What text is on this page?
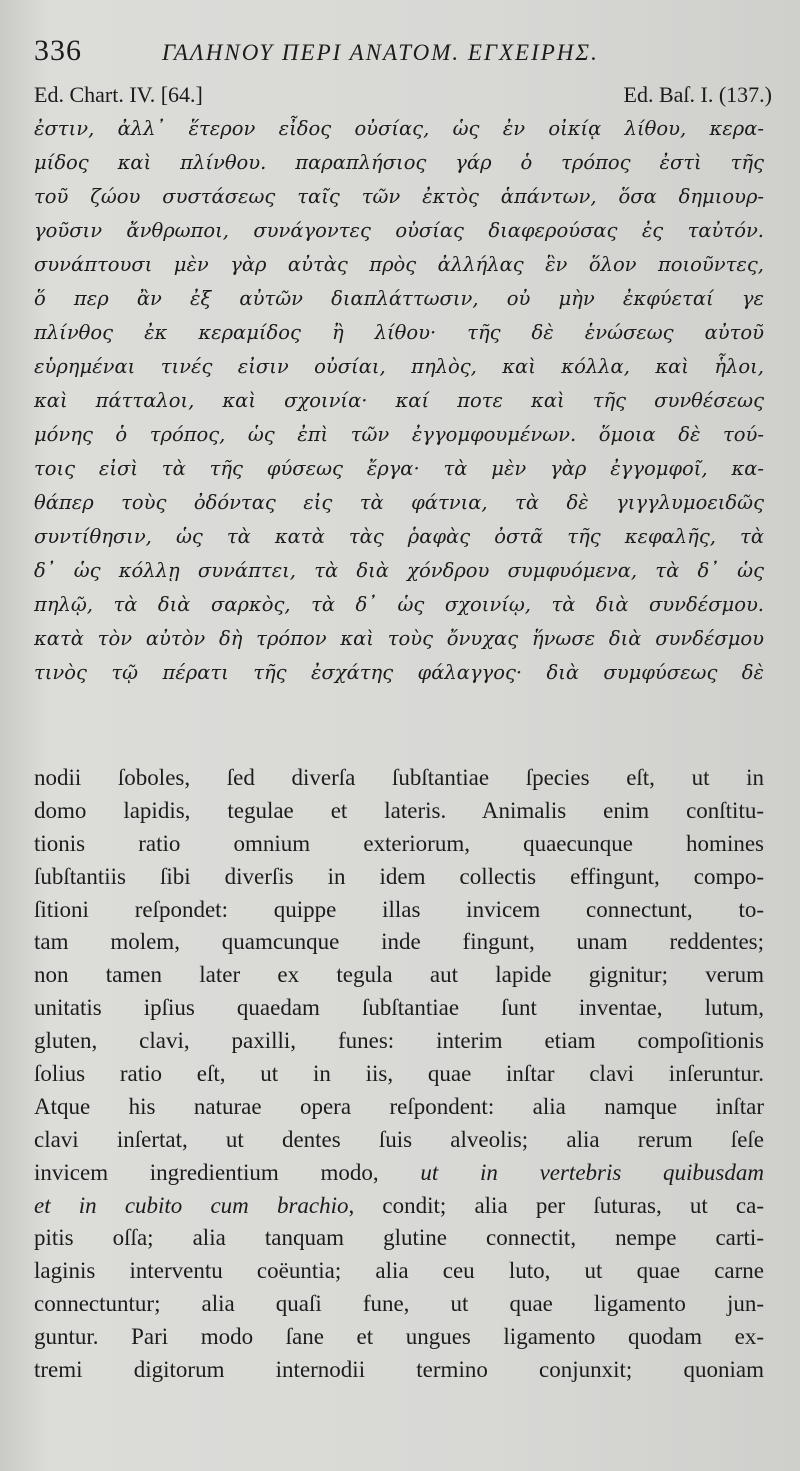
336	ΓΑΛΗΝΟΥ ΠΕΡΙ ΑΝΑΤΟΜ. ΕΓΧΕΙΡΗΣ.
Ed. Chart. IV. [64.]	Ed. Baſ. I. (137.)
ἐστιν, ἀλλ᾽ ἕτερον εἶδος οὐσίας, ὡς ἐν οἰκίᾳ λίθου, κερα-
μίδος καὶ πλίνθου. παραπλήσιος γάρ ὁ τρόπος ἐστὶ τῆς
τοῦ ζώου συστάσεως ταῖς τῶν ἐκτὸς ἁπάντων, ὅσα δημιουρ-
γοῦσιν ἄνθρωποι, συνάγοντες οὐσίας διαφερούσας ἐς ταὐτόν.
συνάπτουσι μὲν γὰρ αὐτὰς πρὸς ἀλλήλας ἓν ὅλον ποιοῦντες,
ὅ περ ἂν ἐξ αὐτῶν διαπλάττωσιν, οὐ μὴν ἐκφύεταί γε
πλίνθος ἐκ κεραμίδος ἢ λίθου· τῆς δὲ ἑνώσεως αὐτοῦ
εὑρημέναι τινές εἰσιν οὐσίαι, πηλὸς, καὶ κόλλα, καὶ ἧλοι,
καὶ πάτταλοι, καὶ σχοινία· καί ποτε καὶ τῆς συνθέσεως
μόνης ὁ τρόπος, ὡς ἐπὶ τῶν ἐγγομφουμένων. ὅμοια δὲ τού-
τοις εἰσὶ τὰ τῆς φύσεως ἔργα· τὰ μὲν γὰρ ἐγγομφοῖ, κα-
θάπερ τοὺς ὀδόντας εἰς τὰ φάτνια, τὰ δὲ γιγγλυμοειδῶς
συντίθησιν, ὡς τὰ κατὰ τὰς ῥαφὰς ὀστᾶ τῆς κεφαλῆς, τὰ
δ᾽ ὡς κόλλῃ συνάπτει, τὰ διὰ χόνδρου συμφυόμενα, τὰ δ᾽ ὡς
πηλῷ, τὰ διὰ σαρκὸς, τὰ δ᾽ ὡς σχοινίῳ, τὰ διὰ συνδέσμου.
κατὰ τὸν αὐτὸν δὴ τρόπον καὶ τοὺς ὄνυχας ἥνωσε διὰ συνδέσμου
τινὸς τῷ πέρατι τῆς ἐσχάτης φάλαγγος· διὰ συμφύσεως δὲ
nodii ſoboles, ſed diverſa ſubſtantiae ſpecies eſt, ut in
domo lapidis, tegulae et lateris. Animalis enim conſtitu-
tionis ratio omnium exteriorum, quaecunque homines
ſubſtantiis ſibi diverſis in idem collectis effingunt, compo-
ſitioni reſpondet: quippe illas invicem connectunt, to-
tam molem, quamcunque inde fingunt, unam reddentes;
non tamen later ex tegula aut lapide gignitur; verum
unitatis ipſius quaedam ſubſtantiae ſunt inventae, lutum,
gluten, clavi, paxilli, funes: interim etiam compoſitionis
ſolius ratio eſt, ut in iis, quae inſtar clavi inſeruntur.
Atque his naturae opera reſpondent: alia namque inſtar
clavi inſertat, ut dentes ſuis alveolis; alia rerum ſeſe
invicem ingredientium modo, ut in vertebris quibusdam
et in cubito cum brachio, condit; alia per ſuturas, ut ca-
pitis oſſa; alia tanquam glutine connectit, nempe carti-
laginis interventu coëuntia; alia ceu luto, ut quae carne
connectuntur; alia quaſi fune, ut quae ligamento jun-
guntur. Pari modo ſane et ungues ligamento quodam ex-
tremi digitorum internodii termino conjunxit; quoniam
